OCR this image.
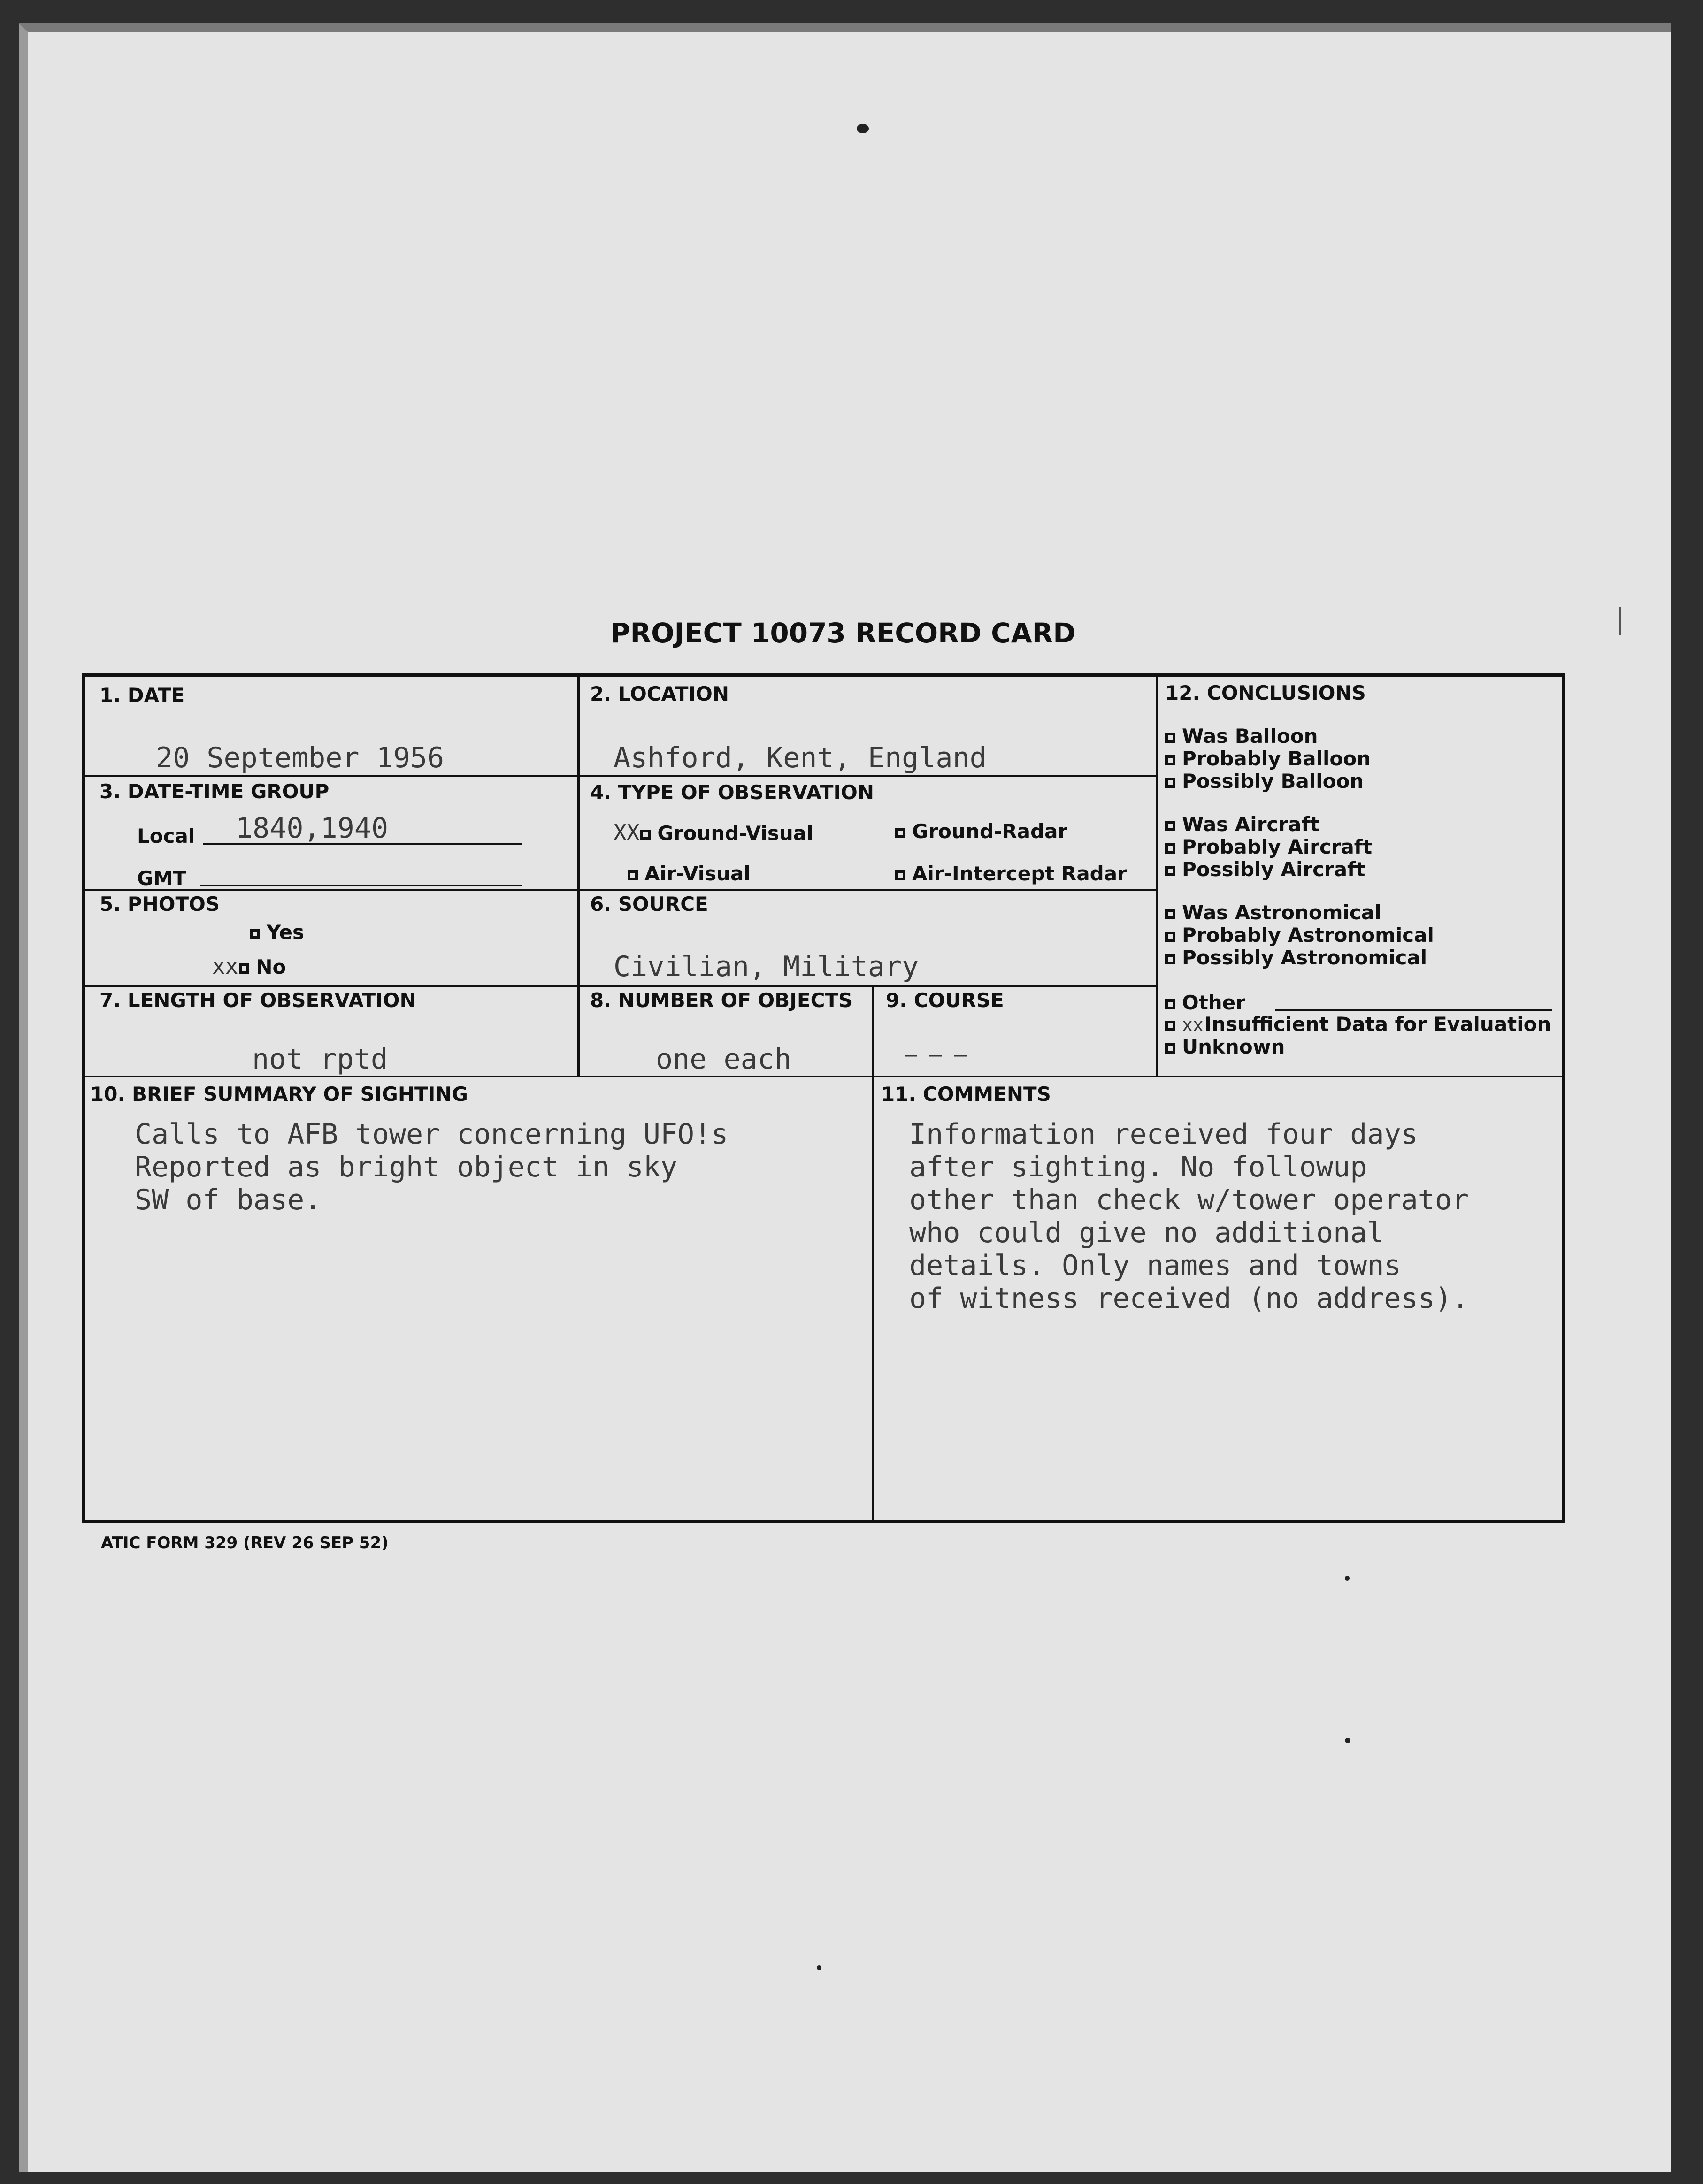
PROJECT 10073 RECORD CARD
1. DATE
20 September 1956
2. LOCATION
Ashford, Kent, England
3. DATE-TIME GROUP
Local 1840,1940
GMT
4. TYPE OF OBSERVATION
XX Ground-Visual	Ground-Radar
Air-Visual	Air-Intercept Radar
5. PHOTOS
Yes
xx No
6. SOURCE
Civilian, Military
7. LENGTH OF OBSERVATION
not rptd
8. NUMBER OF OBJECTS
one each
9. COURSE
– – –
10. BRIEF SUMMARY OF SIGHTING
Calls to AFB tower concerning UFO!s
Reported as bright object in sky
SW of base.
11. COMMENTS
Information received four days
after sighting. No followup
other than check w/tower operator
who could give no additional
details. Only names and towns
of witness received (no address).
12. CONCLUSIONS
Was Balloon
Probably Balloon
Possibly Balloon
Was Aircraft
Probably Aircraft
Possibly Aircraft
Was Astronomical
Probably Astronomical
Possibly Astronomical
Other
xxInsufficient Data for Evaluation
Unknown
ATIC FORM 329 (REV 26 SEP 52)
